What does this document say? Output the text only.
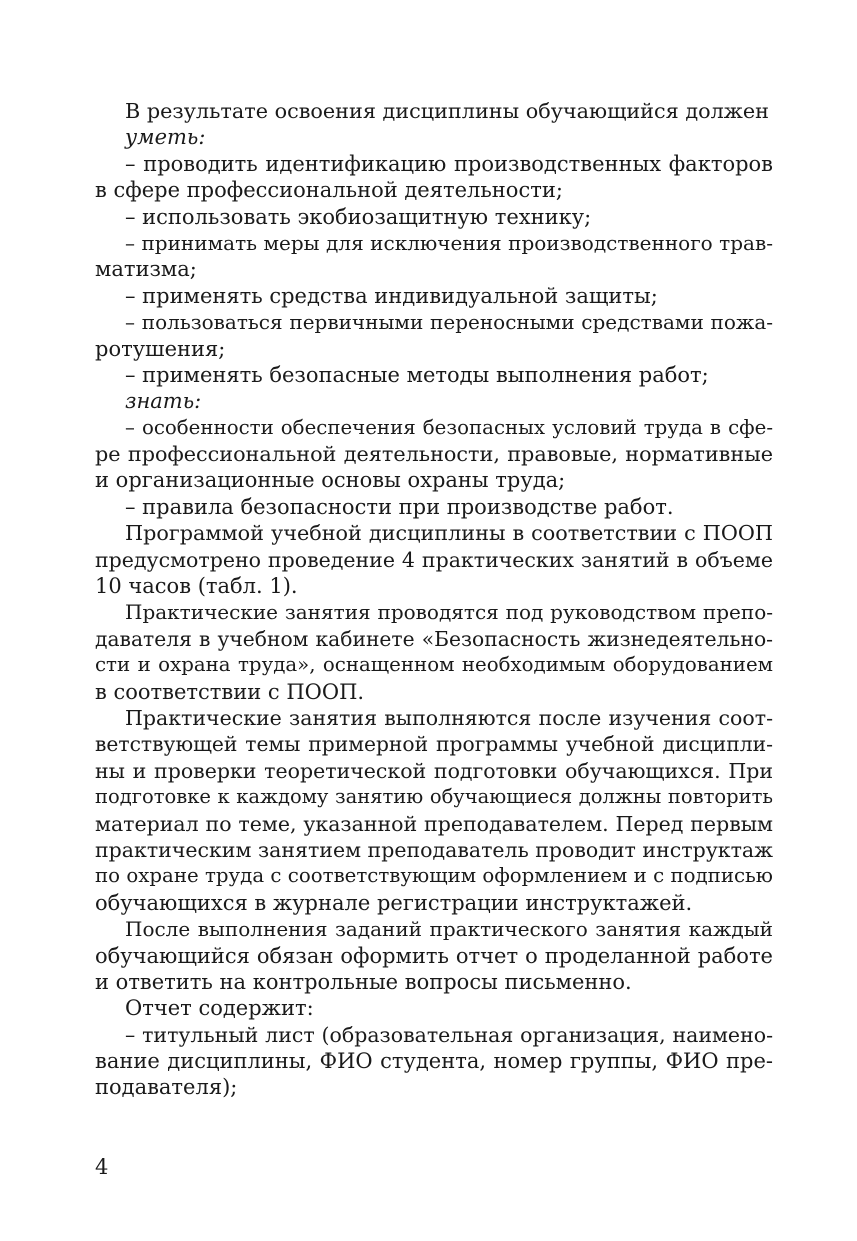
В результате освоения дисциплины обучающийся должен
уметь:
– проводить идентификацию производственных факторов
в сфере профессиональной деятельности;
– использовать экобиозащитную технику;
– принимать меры для исключения производственного трав-
матизма;
– применять средства индивидуальной защиты;
– пользоваться первичными переносными средствами пожа-
ротушения;
– применять безопасные методы выполнения работ;
знать:
– особенности обеспечения безопасных условий труда в сфе-
ре профессиональной деятельности, правовые, нормативные
и организационные основы охраны труда;
– правила безопасности при производстве работ.
Программой учебной дисциплины в соответствии с ПООП
предусмотрено проведение 4 практических занятий в объеме
10 часов (табл. 1).
Практические занятия проводятся под руководством препо-
давателя в учебном кабинете «Безопасность жизнедеятельно-
сти и охрана труда», оснащенном необходимым оборудованием
в соответствии с ПООП.
Практические занятия выполняются после изучения соот-
ветствующей темы примерной программы учебной дисципли-
ны и проверки теоретической подготовки обучающихся. При
подготовке к каждому занятию обучающиеся должны повторить
материал по теме, указанной преподавателем. Перед первым
практическим занятием преподаватель проводит инструктаж
по охране труда с соответствующим оформлением и с подписью
обучающихся в журнале регистрации инструктажей.
После выполнения заданий практического занятия каждый
обучающийся обязан оформить отчет о проделанной работе
и ответить на контрольные вопросы письменно.
Отчет содержит:
– титульный лист (образовательная организация, наимено-
вание дисциплины, ФИО студента, номер группы, ФИО пре-
подавателя);
4
